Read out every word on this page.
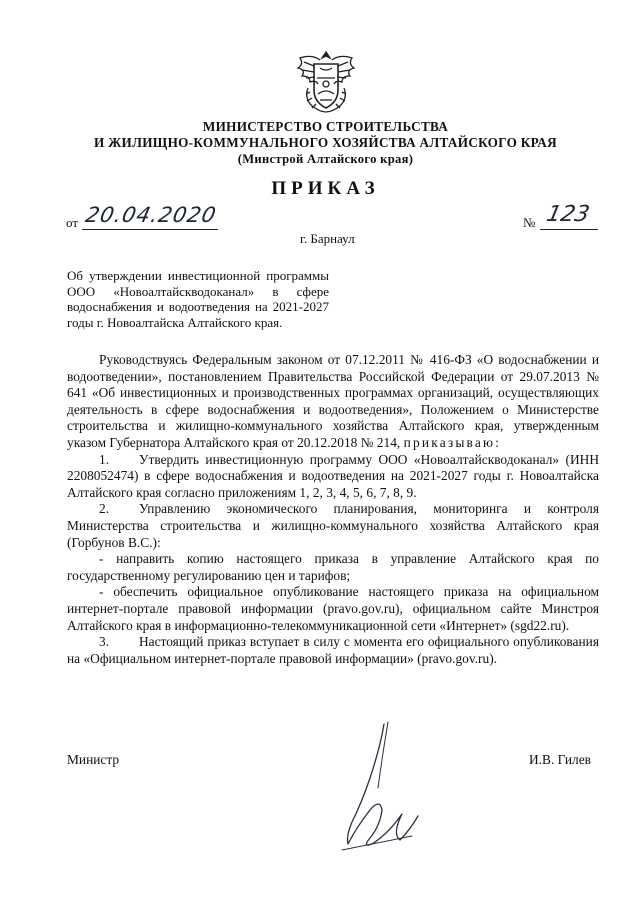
МИНИСТЕРСТВО СТРОИТЕЛЬСТВА
И ЖИЛИЩНО-КОММУНАЛЬНОГО ХОЗЯЙСТВА АЛТАЙСКОГО КРАЯ
(Минстрой Алтайского края)
ПРИКАЗ
от 20.04.2020	№ 123
г. Барнаул
Об утверждении инвестиционной программы ООО «Новоалтайскводоканал» в сфере водоснабжения и водоотведения на 2021-2027 годы г. Новоалтайска Алтайского края.

Руководствуясь Федеральным законом от 07.12.2011 № 416-ФЗ «О водоснабжении и водоотведении», постановлением Правительства Российской Федерации от 29.07.2013 № 641 «Об инвестиционных и производственных программах организаций, осуществляющих деятельность в сфере водоснабжения и водоотведения», Положением о Министерстве строительства и жилищно-коммунального хозяйства Алтайского края, утвержденным указом Губернатора Алтайского края от 20.12.2018 № 214, приказываю:

1. Утвердить инвестиционную программу ООО «Новоалтайскводоканал» (ИНН 2208052474) в сфере водоснабжения и водоотведения на 2021-2027 годы г. Новоалтайска Алтайского края согласно приложениям 1, 2, 3, 4, 5, 6, 7, 8, 9.

2. Управлению экономического планирования, мониторинга и контроля Министерства строительства и жилищно-коммунального хозяйства Алтайского края (Горбунов В.С.):

- направить копию настоящего приказа в управление Алтайского края по государственному регулированию цен и тарифов;

- обеспечить официальное опубликование настоящего приказа на официальном интернет-портале правовой информации (pravo.gov.ru), официальном сайте Минстроя Алтайского края в информационно-телекоммуникационной сети «Интернет» (sgd22.ru).

3. Настоящий приказ вступает в силу с момента его официального опубликования на «Официальном интернет-портале правовой информации» (pravo.gov.ru).

Министр	И.В. Гилев
